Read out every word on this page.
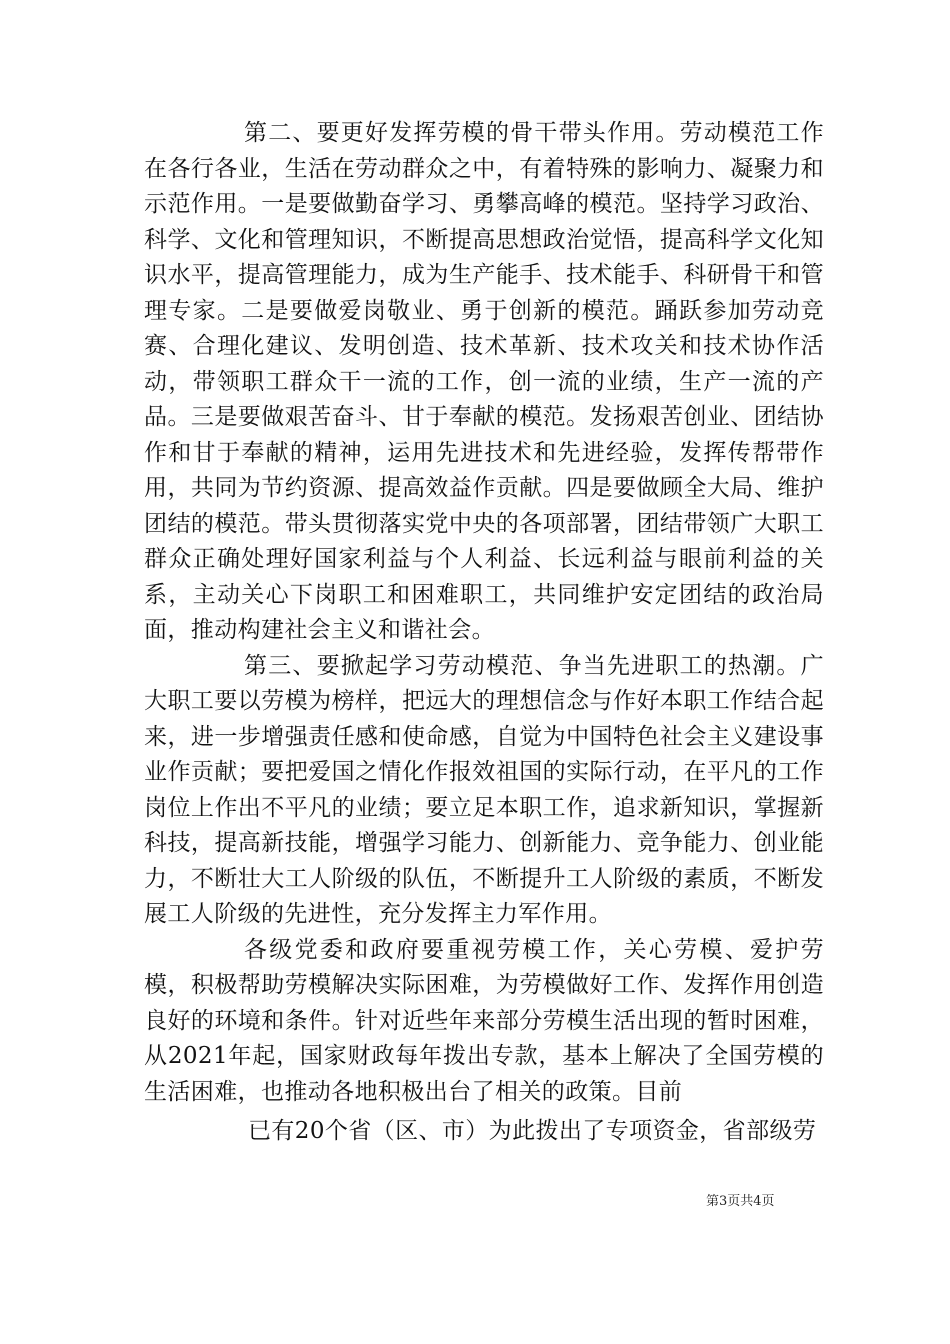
第二、要更好发挥劳模的骨干带头作用。劳动模范工作在各行各业，生活在劳动群众之中，有着特殊的影响力、凝聚力和示范作用。一是要做勤奋学习、勇攀高峰的模范。坚持学习政治、科学、文化和管理知识，不断提高思想政治觉悟，提高科学文化知识水平，提高管理能力，成为生产能手、技术能手、科研骨干和管理专家。二是要做爱岗敬业、勇于创新的模范。踊跃参加劳动竞赛、合理化建议、发明创造、技术革新、技术攻关和技术协作活动，带领职工群众干一流的工作，创一流的业绩，生产一流的产品。三是要做艰苦奋斗、甘于奉献的模范。发扬艰苦创业、团结协作和甘于奉献的精神，运用先进技术和先进经验，发挥传帮带作用，共同为节约资源、提高效益作贡献。四是要做顾全大局、维护团结的模范。带头贯彻落实党中央的各项部署，团结带领广大职工群众正确处理好国家利益与个人利益、长远利益与眼前利益的关系，主动关心下岗职工和困难职工，共同维护安定团结的政治局面，推动构建社会主义和谐社会。

第三、要掀起学习劳动模范、争当先进职工的热潮。广大职工要以劳模为榜样，把远大的理想信念与作好本职工作结合起来，进一步增强责任感和使命感，自觉为中国特色社会主义建设事业作贡献；要把爱国之情化作报效祖国的实际行动，在平凡的工作岗位上作出不平凡的业绩；要立足本职工作，追求新知识，掌握新科技，提高新技能，增强学习能力、创新能力、竞争能力、创业能力，不断壮大工人阶级的队伍，不断提升工人阶级的素质，不断发展工人阶级的先进性，充分发挥主力军作用。

各级党委和政府要重视劳模工作，关心劳模、爱护劳模，积极帮助劳模解决实际困难，为劳模做好工作、发挥作用创造良好的环境和条件。针对近些年来部分劳模生活出现的暂时困难，从2021年起，国家财政每年拨出专款，基本上解决了全国劳模的生活困难，也推动各地积极出台了相关的政策。目前

已有20个省（区、市）为此拨出了专项资金，省部级劳

第3页共4页
